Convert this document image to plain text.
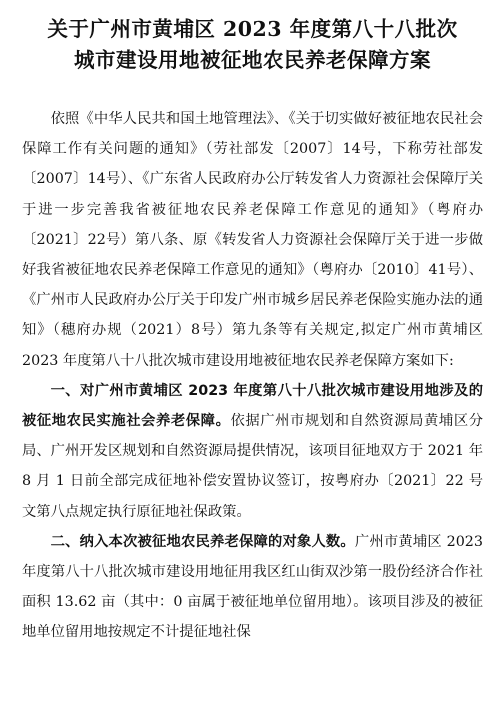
关于广州市黄埔区 2023 年度第八十八批次
城市建设用地被征地农民养老保障方案

依照《中华人民共和国土地管理法》、《关于切实做好被征地农民社会保障工作有关问题的通知》（劳社部发〔2007〕14号，下称劳社部发〔2007〕14号）、《广东省人民政府办公厅转发省人力资源社会保障厅关于进一步完善我省被征地农民养老保障工作意见的通知》（粤府办〔2021〕22号）第八条、原《转发省人力资源社会保障厅关于进一步做好我省被征地农民养老保障工作意见的通知》（粤府办〔2010〕41号）、《广州市人民政府办公厅关于印发广州市城乡居民养老保险实施办法的通知》（穗府办规（2021）8号）第九条等有关规定,拟定广州市黄埔区 2023 年度第八十八批次城市建设用地被征地农民养老保障方案如下:

一、对广州市黄埔区 2023 年度第八十八批次城市建设用地涉及的被征地农民实施社会养老保障。依据广州市规划和自然资源局黄埔区分局、广州开发区规划和自然资源局提供情况，该项目征地双方于 2021 年 8 月 1 日前全部完成征地补偿安置协议签订，按粤府办〔2021〕22 号文第八点规定执行原征地社保政策。

二、纳入本次被征地农民养老保障的对象人数。广州市黄埔区 2023 年度第八十八批次城市建设用地征用我区红山街双沙第一股份经济合作社面积 13.62 亩（其中：0 亩属于被征地单位留用地）。该项目涉及的被征地单位留用地按规定不计提征地社保
